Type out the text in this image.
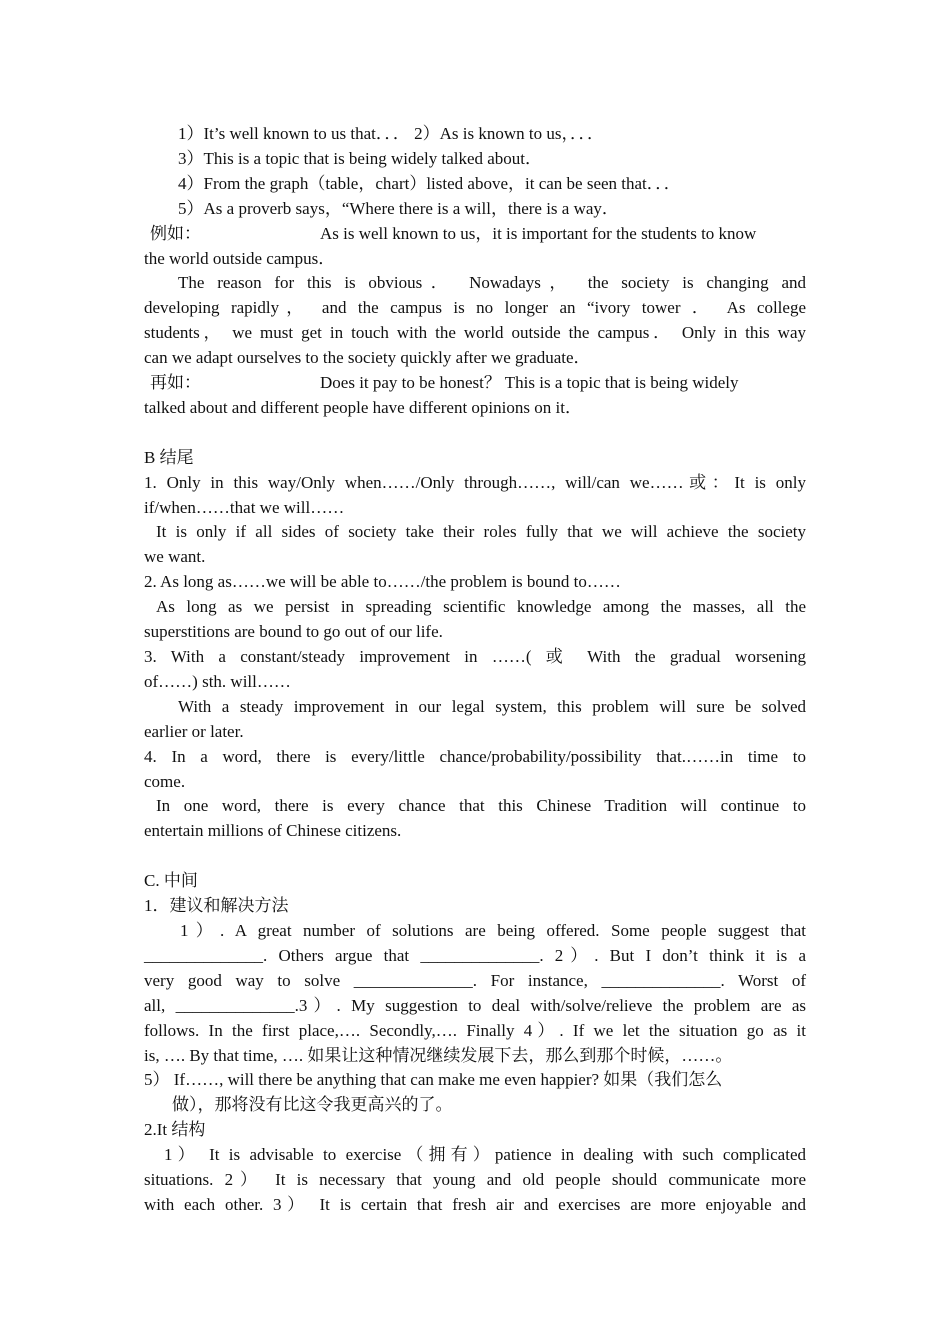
1）It’s well known to us that．．． 2）As is known to us，．．．
3）This is a topic that is being widely talked about．
4）From the graph（table，chart）listed above，it can be seen that．．．
5）As a proverb says，“Where there is a will，there is a way．
例如：	As is well known to us，it is important for the students to know
the world outside campus．
The reason for this is obvious． Nowadays， the society is changing and
developing rapidly， and the campus is no longer an “ivory tower ． As college
students， we must get in touch with the world outside the campus． Only in this way
can we adapt ourselves to the society quickly after we graduate．
再如：	Does it pay to be honest？ This is a topic that is being widely
talked about and different people have different opinions on it．
B 结尾
1. Only in this way/Only when……/Only through……, will/can we……或：It is only
if/when……that we will……
It is only if all sides of society take their roles fully that we will achieve the society
we want.
2. As long as……we will be able to……/the problem is bound to……
As long as we persist in spreading scientific knowledge among the masses, all the
superstitions are bound to go out of our life.
3. With a constant/steady improvement in ……( 或 With the gradual worsening
of……) sth. will……
With a steady improvement in our legal system, this problem will sure be solved
earlier or later.
4. In a word, there is every/little chance/probability/possibility that.……in time to
come.
In one word, there is every chance that this Chinese Tradition will continue to
entertain millions of Chinese citizens.
C. 中间
1．建议和解决方法
1）. A great number of solutions are being offered. Some people suggest that
______________. Others argue that ______________. 2）. But I don’t think it is a
very good way to solve ______________. For instance, ______________. Worst of
all, ______________.3）. My suggestion to deal with/solve/relieve the problem are as
follows. In the first place,…. Secondly,…. Finally 4）. If we let the situation go as it
is, …. By that time, …. 如果让这种情况继续发展下去，那么到那个时候，……。
5） If……, will there be anything that can make me even happier? 如果（我们怎么
做），那将没有比这令我更高兴的了。
2.It 结构
1） It is advisable to exercise（拥有）patience in dealing with such complicated
situations. 2） It is necessary that young and old people should communicate more
with each other. 3） It is certain that fresh air and exercises are more enjoyable and
